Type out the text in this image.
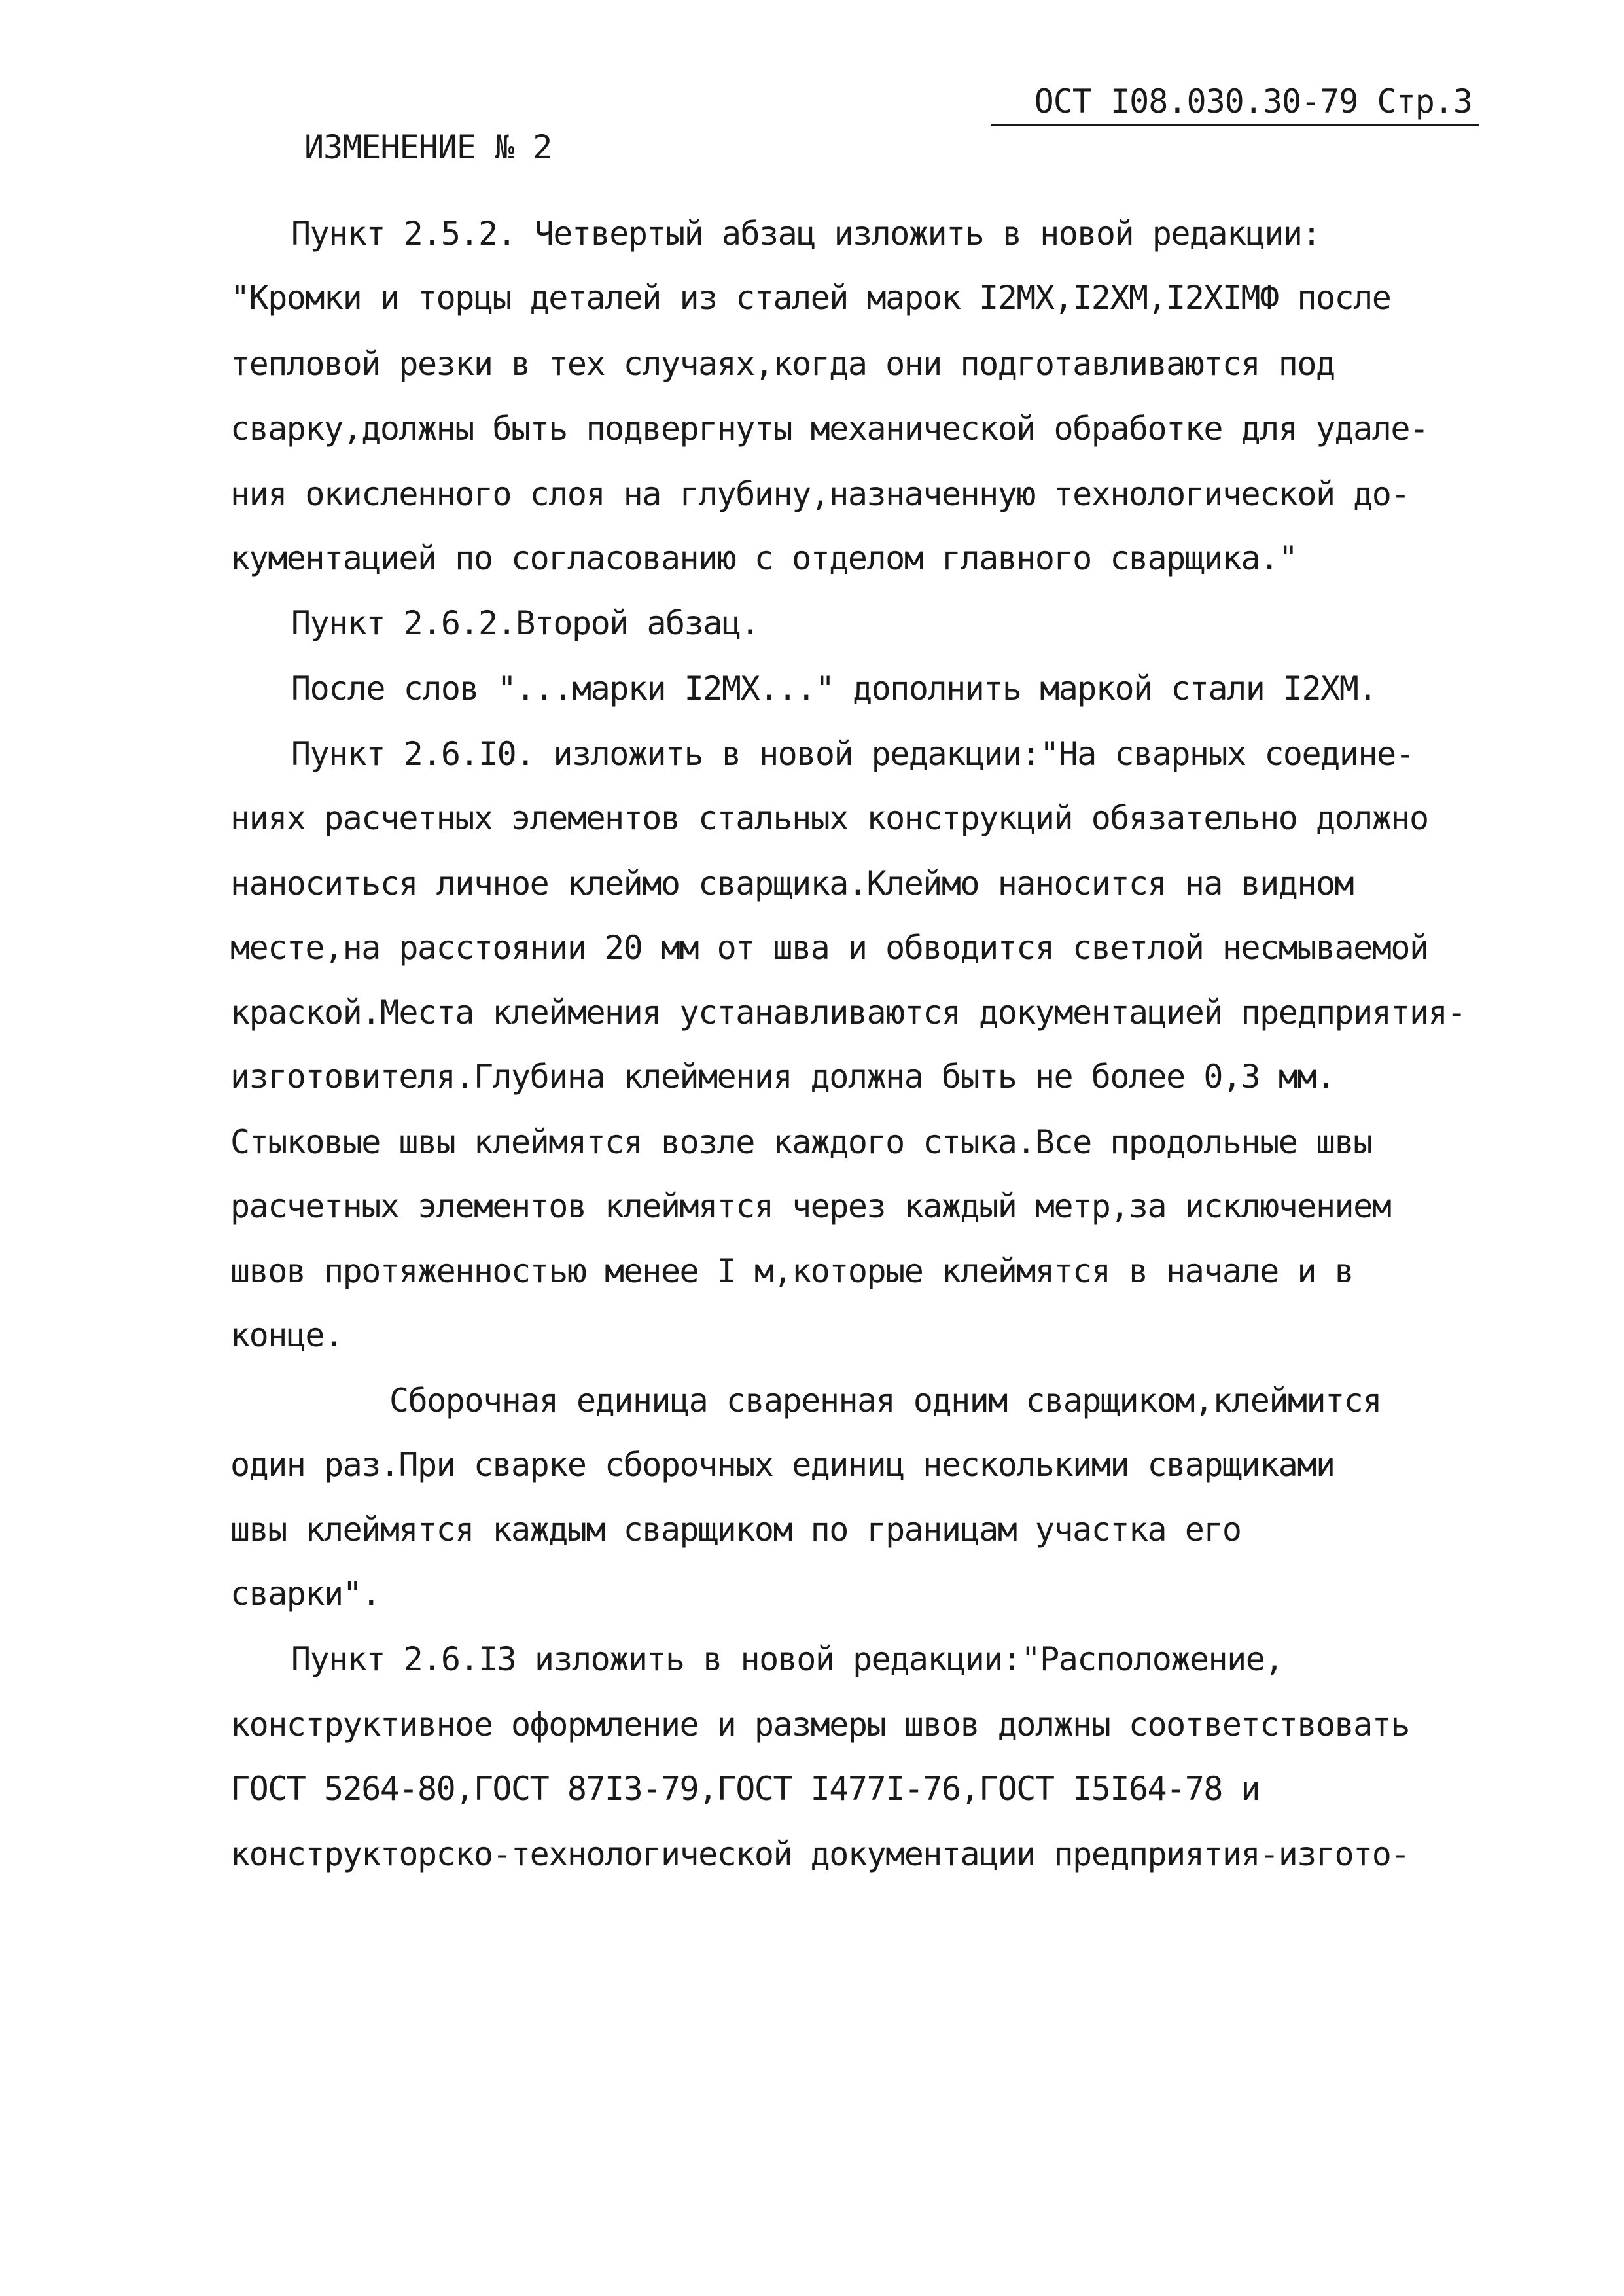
ОСТ I08.030.30-79 Стр.3
ИЗМЕНЕНИЕ № 2
Пункт 2.5.2. Четвертый абзац изложить в новой редакции:
"Кромки и торцы деталей из сталей марок I2МХ,I2ХМ,I2ХIМФ после
тепловой резки в тех случаях,когда они подготавливаются под
сварку,должны быть подвергнуты механической обработке для удале-
ния окисленного слоя на глубину,назначенную технологической до-
кументацией по согласованию с отделом главного сварщика."
Пункт 2.6.2.Второй абзац.
После слов "...марки I2МХ..." дополнить маркой стали I2ХМ.
Пункт 2.6.I0. изложить в новой редакции:"На сварных соедине-
ниях расчетных элементов стальных конструкций обязательно должно
наноситься личное клеймо сварщика.Клеймо наносится на видном
месте,на расстоянии 20 мм от шва и обводится светлой несмываемой
краской.Места клеймения устанавливаются документацией предприятия-
изготовителя.Глубина клеймения должна быть не более 0,3 мм.
Стыковые швы клеймятся возле каждого стыка.Все продольные швы
расчетных элементов клеймятся через каждый метр,за исключением
швов протяженностью менее I м,которые клеймятся в начале и в
конце.
Сборочная единица сваренная одним сварщиком,клеймится
один раз.При сварке сборочных единиц несколькими сварщиками
швы клеймятся каждым сварщиком по границам участка его
сварки".
Пункт 2.6.I3 изложить в новой редакции:"Расположение,
конструктивное оформление и размеры швов должны соответствовать
ГОСТ 5264-80,ГОСТ 87I3-79,ГОСТ I477I-76,ГОСТ I5I64-78 и
конструкторско-технологической документации предприятия-изгото-
